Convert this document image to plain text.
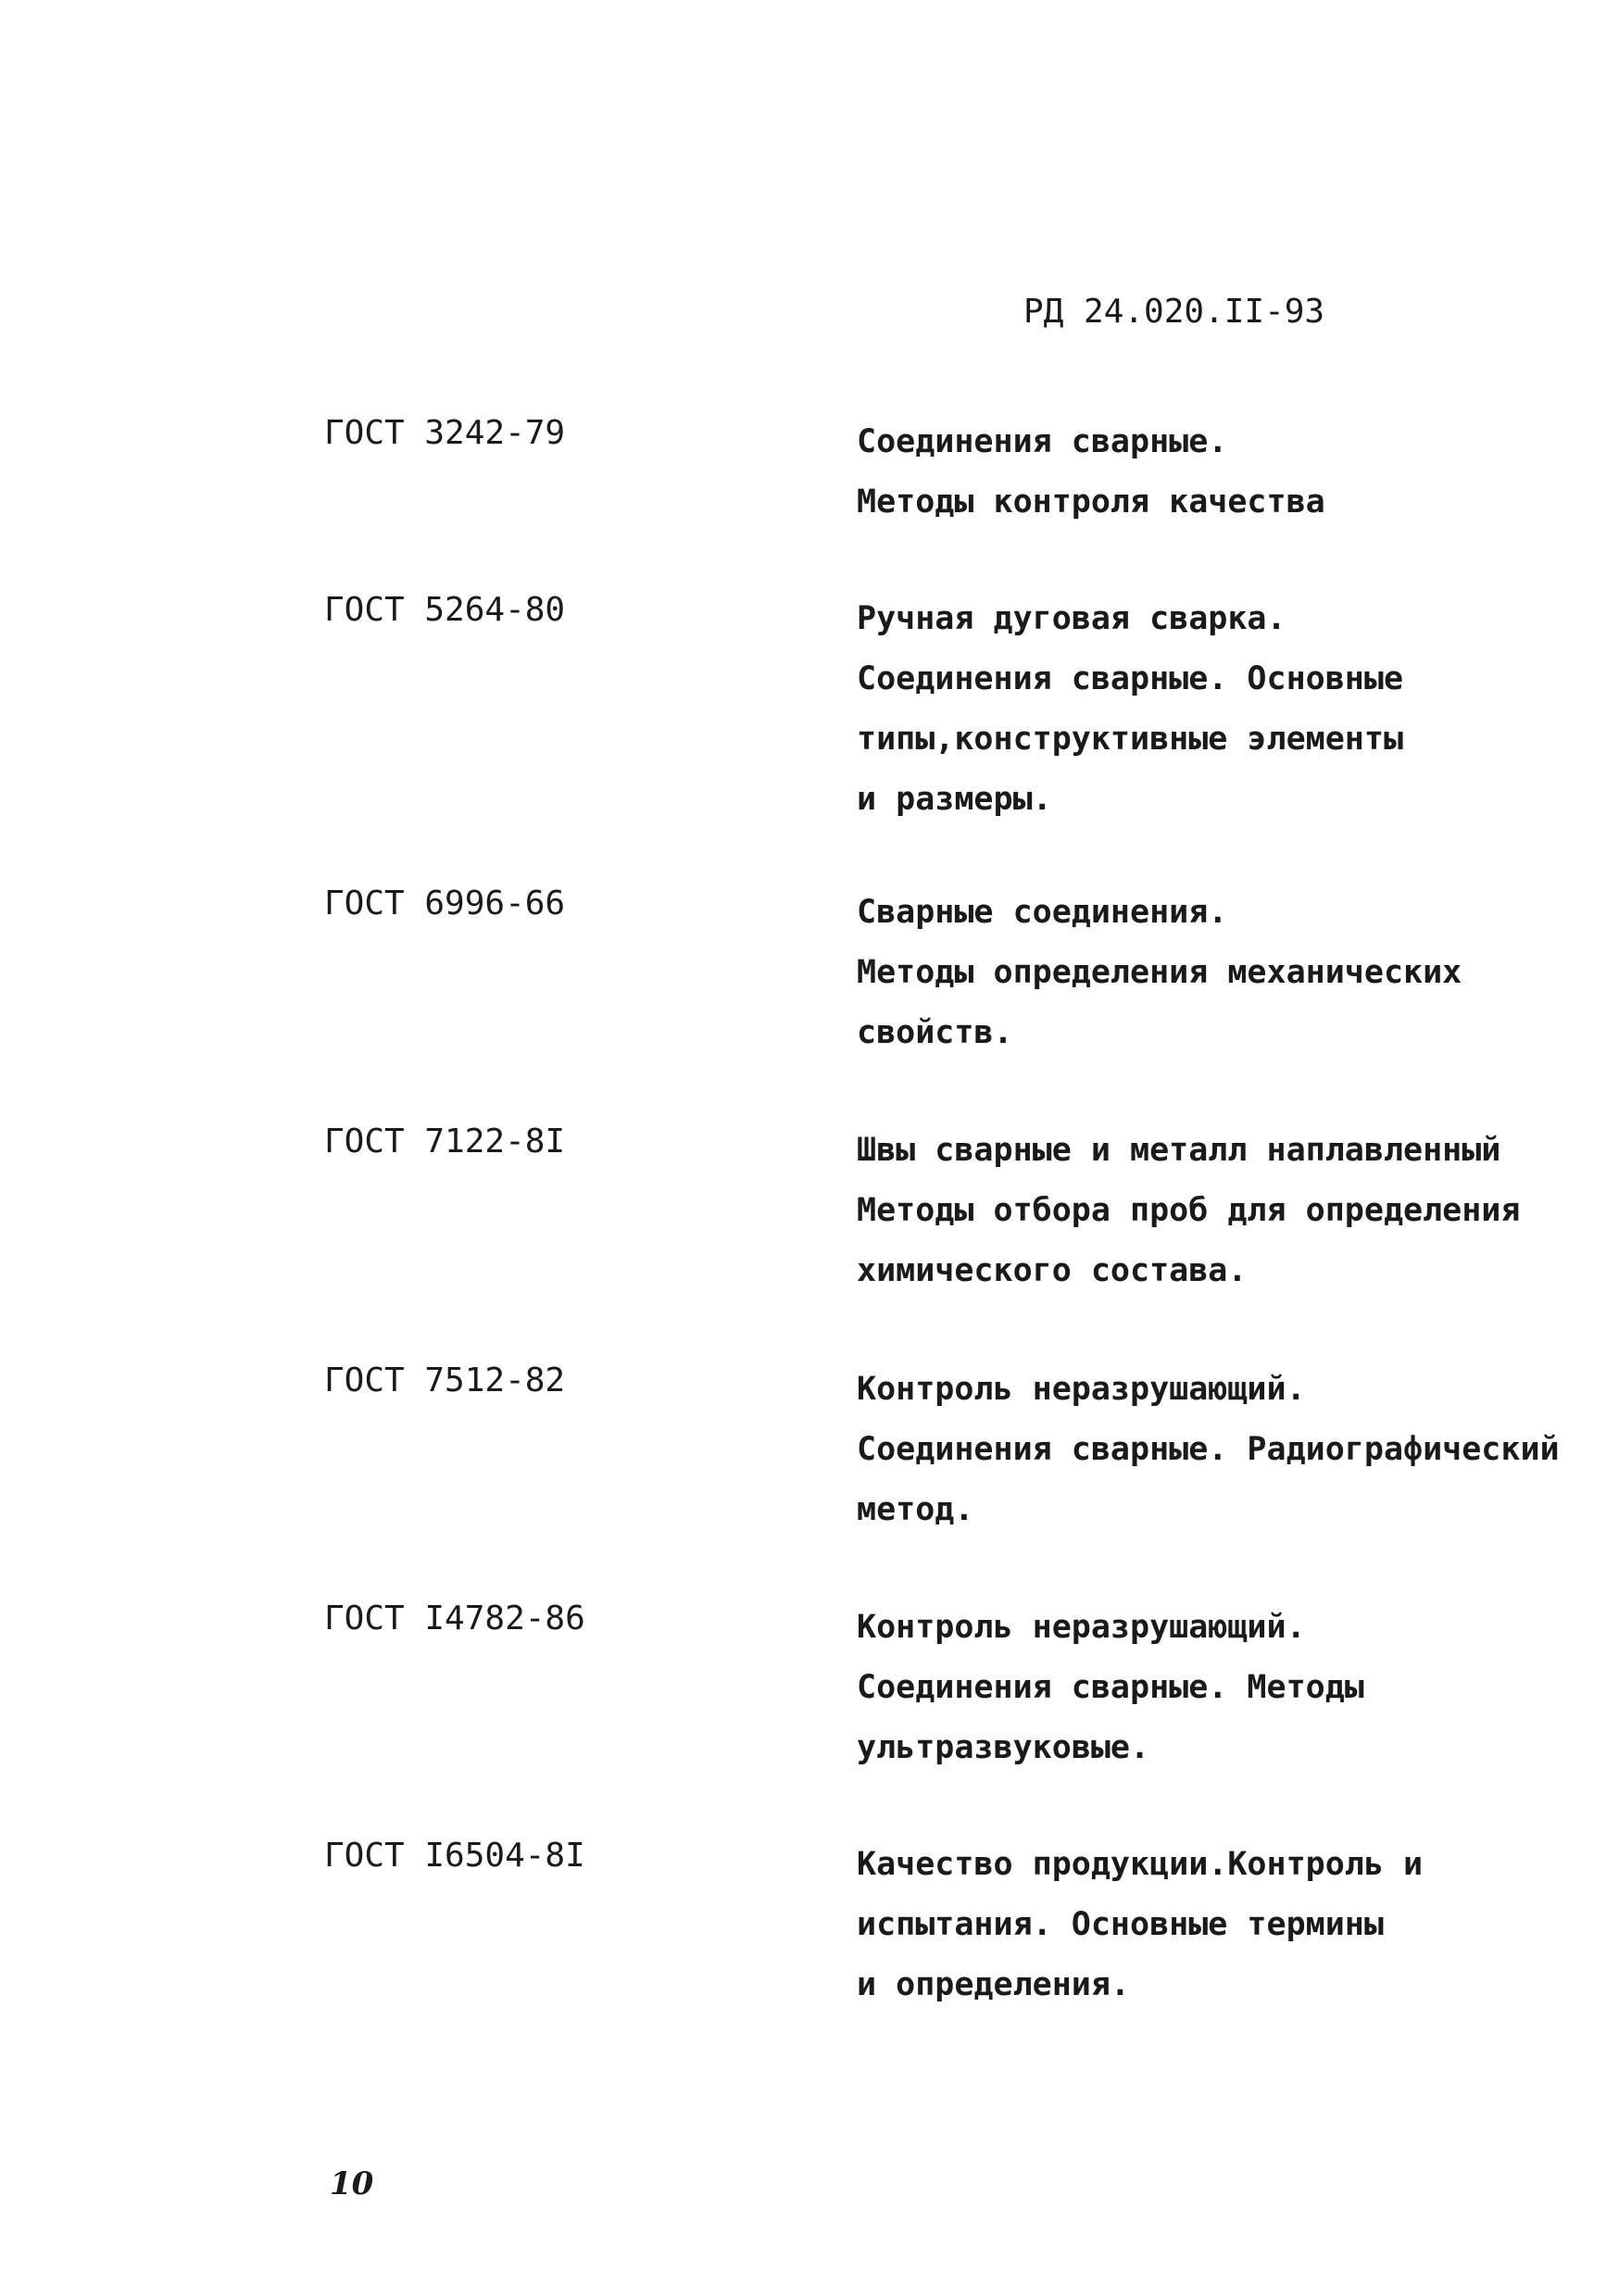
РД 24.020.II-93
ГОСТ 3242-79	Соединения сварные.
Методы контроля качества
ГОСТ 5264-80	Ручная дуговая сварка.
Соединения сварные. Основные
типы,конструктивные элементы
и размеры.
ГОСТ 6996-66	Сварные соединения.
Методы определения механических
свойств.
ГОСТ 7122-8I	Швы сварные и металл наплавленный
Методы отбора проб для определения
химического состава.
ГОСТ 7512-82	Контроль неразрушающий.
Соединения сварные. Радиографический
метод.
ГОСТ I4782-86	Контроль неразрушающий.
Соединения сварные. Методы
ультразвуковые.
ГОСТ I6504-8I	Качество продукции.Контроль и
испытания. Основные термины
и определения.
10
